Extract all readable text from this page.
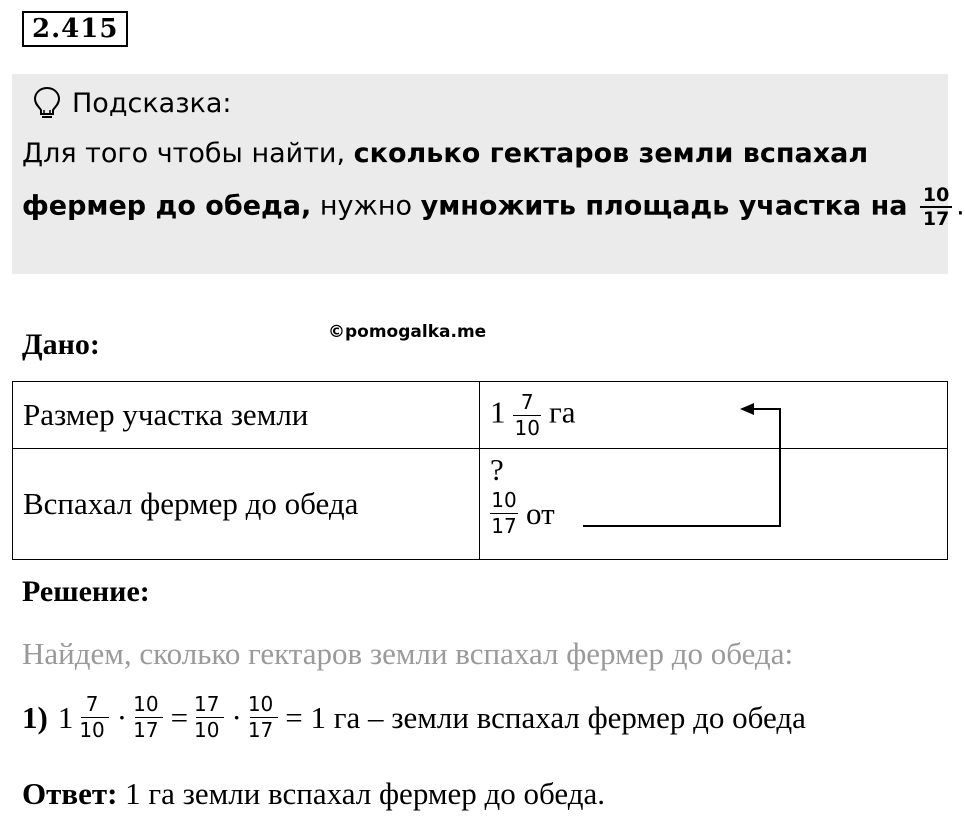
2.415
Подсказка:
Для того чтобы найти, сколько гектаров земли вспахал
фермер до обеда, нужно умножить площадь участка на $\frac{10}{17}$ .
Дано:	©pomogalka.me
Размер участка земли	$1 \frac{7}{10}$ га
Вспахал фермер до обеда	?
$\frac{10}{17}$ от
Решение:
Найдем, сколько гектаров земли вспахал фермер до обеда:
1) $1 \frac{7}{10} \cdot \frac{10}{17} = \frac{17}{10} \cdot \frac{10}{17} = 1$ га – земли вспахал фермер до обеда
Ответ: 1 га земли вспахал фермер до обеда.
